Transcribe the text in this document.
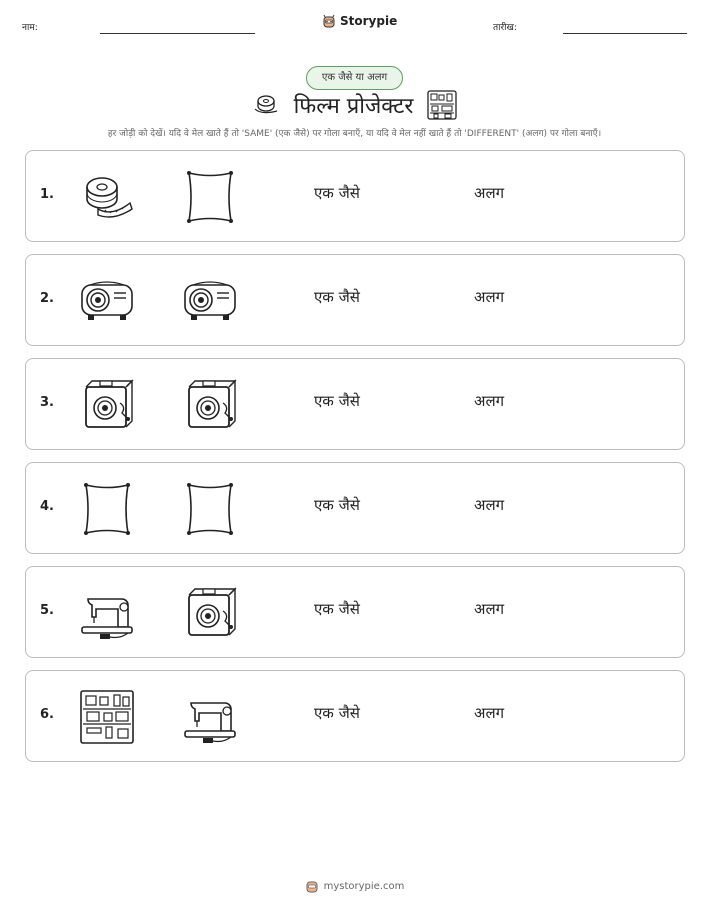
नाम:	Storypie	तारीख:
एक जैसे या अलग
फिल्म प्रोजेक्टर
हर जोड़ी को देखें। यदि वे मेल खाते हैं तो 'SAME' (एक जैसे) पर गोला बनाएँ, या यदि वे मेल नहीं खाते हैं तो 'DIFFERENT' (अलग) पर गोला बनाएँ।
1.	एक जैसे	अलग
2.	एक जैसे	अलग
3.	एक जैसे	अलग
4.	एक जैसे	अलग
5.	एक जैसे	अलग
6.	एक जैसे	अलग
mystorypie.com
